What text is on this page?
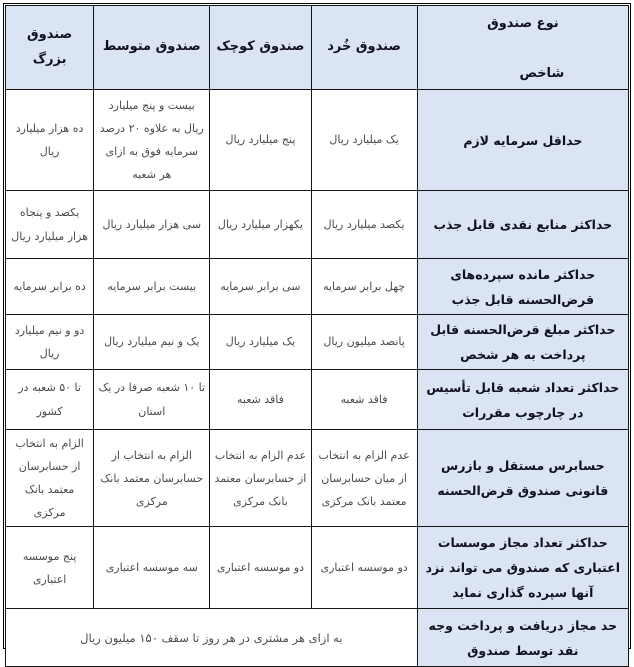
نوع صندوق
شاخص	صندوق خُرد	صندوق کوچک	صندوق متوسط	صندوق بزرگ
حداقل سرمایه لازم	یک میلیارد ریال	پنج میلیارد ریال	بیست و پنج میلیارد ریال به علاوه ۲۰ درصد سرمایه فوق به ازای هر شعبه	ده هزار میلیارد ریال
حداکثر منابع نقدی قابل جذب	یکصد میلیارد ریال	یکهزار میلیارد ریال	سی هزار میلیارد ریال	یکصد و پنجاه هزار میلیارد ریال
حداکثر مانده سپرده‌های قرض‌الحسنه قابل جذب	چهل برابر سرمایه	سی برابر سرمایه	بیست برابر سرمایه	ده برابر سرمایه
حداکثر مبلغ قرض‌الحسنه قابل پرداخت به هر شخص	پانصد میلیون ریال	یک میلیارد ریال	یک و نیم میلیارد ریال	دو و نیم میلیارد ریال
حداکثر تعداد شعبه قابل تأسیس در چارچوب مقررات	فاقد شعبه	فاقد شعبه	تا ۱۰ شعبه صرفا در یک استان	تا ۵۰ شعبه در کشور
حسابرس مستقل و بازرس قانونی صندوق قرض‌الحسنه	عدم الزام به انتخاب از میان حسابرسان معتمد بانک مرکزی	عدم الزام به انتخاب از حسابرسان معتمد بانک مرکزی	الزام به انتخاب از حسابرسان معتمد بانک مرکزی	الزام به انتخاب از حسابرسان معتمد بانک مرکزی
حداکثر تعداد مجاز موسسات اعتباری که صندوق می تواند نزد آنها سپرده گذاری نماید	دو موسسه اعتباری	دو موسسه اعتباری	سه موسسه اعتباری	پنج موسسه اعتباری
حد مجاز دریافت و پرداخت وجه نقد توسط صندوق	به ازای هر مشتری در هر روز تا سقف ۱۵۰ میلیون ریال			
